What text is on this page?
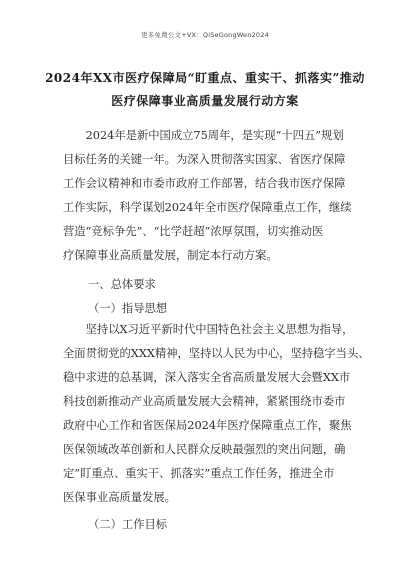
更多免费公文+VX：QiSeGongWen2024
2024年XX市医疗保障局“盯重点、重实干、抓落实”推动
医疗保障事业高质量发展行动方案
　　2024年是新中国成立75周年，是实现“十四五”规划
目标任务的关键一年。为深入贯彻落实国家、省医疗保障
工作会议精神和市委市政府工作部署，结合我市医疗保障
工作实际，科学谋划2024年全市医疗保障重点工作，继续
营造“竞标争先”、“比学赶超”浓厚氛围，切实推动医
疗保障事业高质量发展，制定本行动方案。
一、总体要求
（一）指导思想
　　坚持以X习近平新时代中国特色社会主义思想为指导，
全面贯彻党的XXX精神，坚持以人民为中心，坚持稳字当头、
稳中求进的总基调，深入落实全省高质量发展大会暨XX市
科技创新推动产业高质量发展大会精神，紧紧围绕市委市
政府中心工作和省医保局2024年医疗保障重点工作，聚焦
医保领域改革创新和人民群众反映最强烈的突出问题，确
定“盯重点、重实干、抓落实”重点工作任务，推进全市
医保事业高质量发展。
（二）工作目标
